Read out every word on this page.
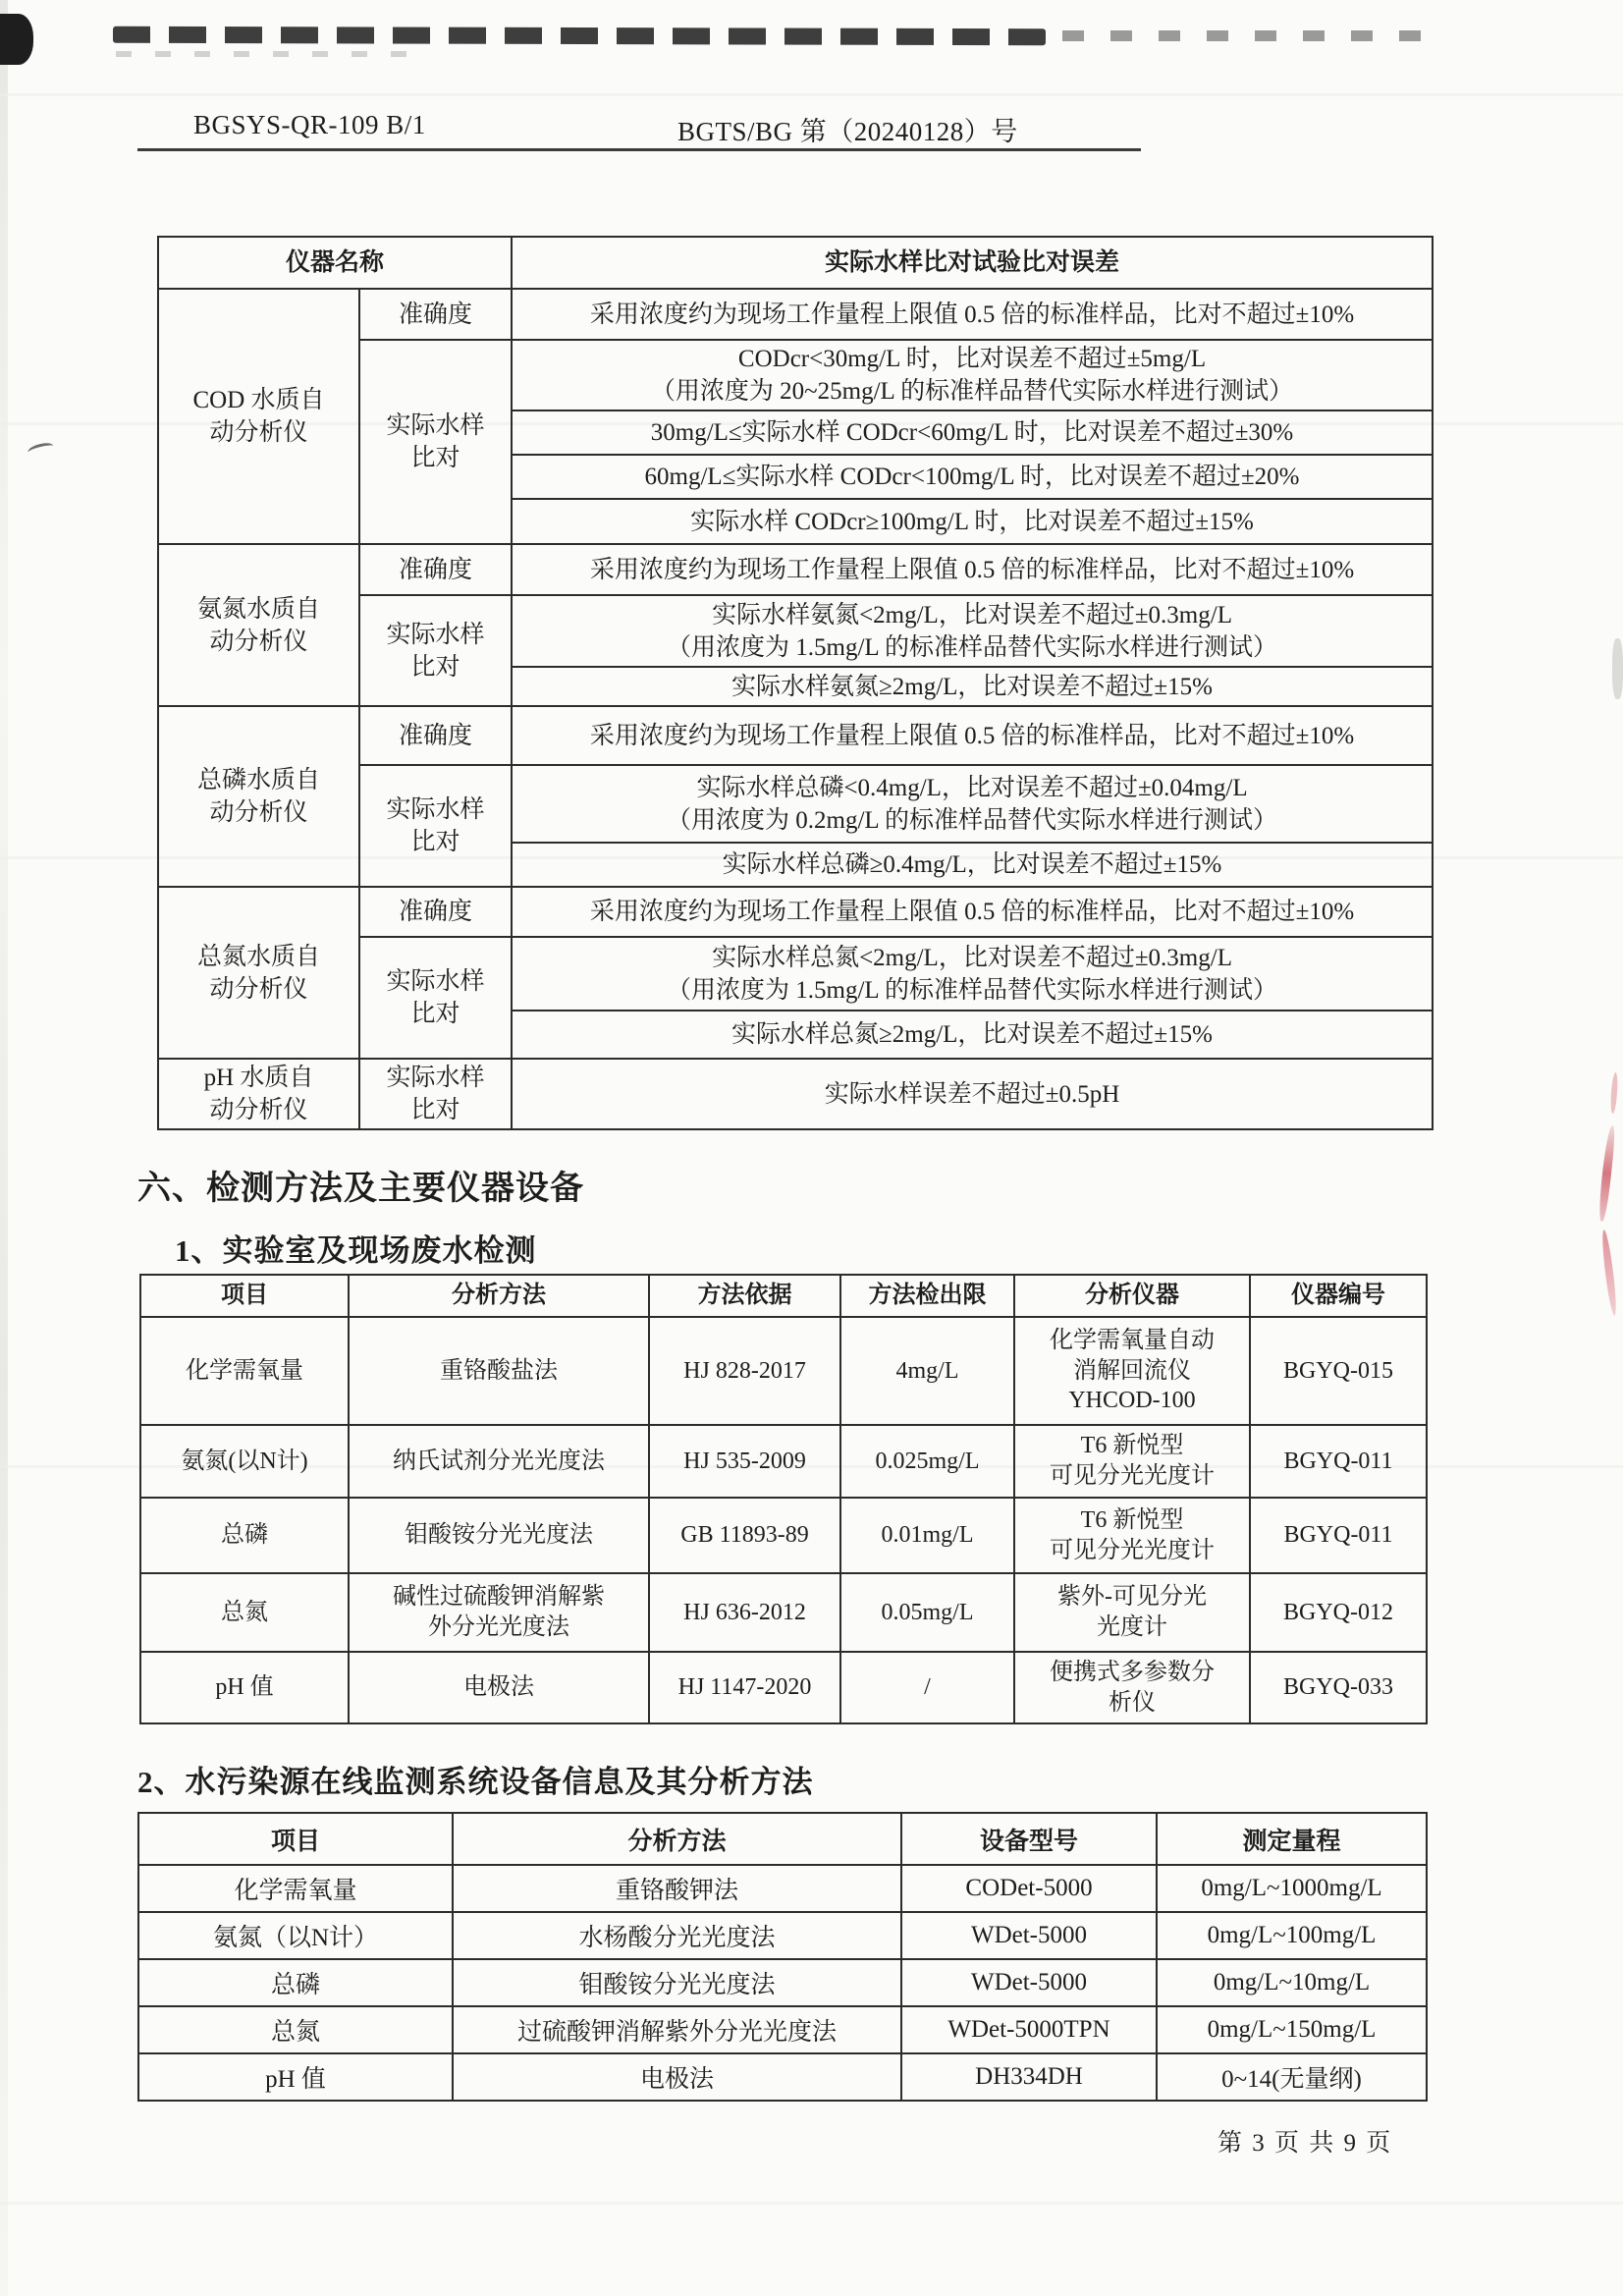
BGSYS-QR-109 B/1	BGTS/BG 第（20240128）号
仪器名称		实际水样比对试验比对误差

COD 水质自
动分析仪	准确度	采用浓度约为现场工作量程上限值 0.5 倍的标准样品，比对不超过±10%

	实际水样
比对	CODcr<30mg/L 时，比对误差不超过±5mg/L
（用浓度为 20~25mg/L 的标准样品替代实际水样进行测试）

		30mg/L≤实际水样 CODcr<60mg/L 时，比对误差不超过±30%
		60mg/L≤实际水样 CODcr<100mg/L 时，比对误差不超过±20%
		实际水样 CODcr≥100mg/L 时，比对误差不超过±15%

氨氮水质自
动分析仪	准确度	采用浓度约为现场工作量程上限值 0.5 倍的标准样品，比对不超过±10%

	实际水样
比对	实际水样氨氮<2mg/L，比对误差不超过±0.3mg/L
（用浓度为 1.5mg/L 的标准样品替代实际水样进行测试）

		实际水样氨氮≥2mg/L，比对误差不超过±15%

总磷水质自
动分析仪	准确度	采用浓度约为现场工作量程上限值 0.5 倍的标准样品，比对不超过±10%

	实际水样
比对	实际水样总磷<0.4mg/L，比对误差不超过±0.04mg/L
（用浓度为 0.2mg/L 的标准样品替代实际水样进行测试）

		实际水样总磷≥0.4mg/L，比对误差不超过±15%

总氮水质自
动分析仪	准确度	采用浓度约为现场工作量程上限值 0.5 倍的标准样品，比对不超过±10%

	实际水样
比对	实际水样总氮<2mg/L，比对误差不超过±0.3mg/L
（用浓度为 1.5mg/L 的标准样品替代实际水样进行测试）

		实际水样总氮≥2mg/L，比对误差不超过±15%

pH 水质自
动分析仪	实际水样
比对	实际水样误差不超过±0.5pH
六、检测方法及主要仪器设备
1、实验室及现场废水检测
项目	分析方法	方法依据	方法检出限	分析仪器	仪器编号
化学需氧量	重铬酸盐法	HJ 828-2017	4mg/L	化学需氧量自动
消解回流仪
YHCOD-100	BGYQ-015
氨氮(以N计)	纳氏试剂分光光度法	HJ 535-2009	0.025mg/L	T6 新悦型
可见分光光度计	BGYQ-011
总磷	钼酸铵分光光度法	GB 11893-89	0.01mg/L	T6 新悦型
可见分光光度计	BGYQ-011
总氮	碱性过硫酸钾消解紫
外分光光度法	HJ 636-2012	0.05mg/L	紫外-可见分光
光度计	BGYQ-012
pH 值	电极法	HJ 1147-2020	/	便携式多参数分
析仪	BGYQ-033
2、水污染源在线监测系统设备信息及其分析方法
项目	分析方法	设备型号	测定量程
化学需氧量	重铬酸钾法	CODet-5000	0mg/L~1000mg/L
氨氮（以N计）	水杨酸分光光度法	WDet-5000	0mg/L~100mg/L
总磷	钼酸铵分光光度法	WDet-5000	0mg/L~10mg/L
总氮	过硫酸钾消解紫外分光光度法	WDet-5000TPN	0mg/L~150mg/L
pH 值	电极法	DH334DH	0~14(无量纲)
第 3 页 共 9 页
